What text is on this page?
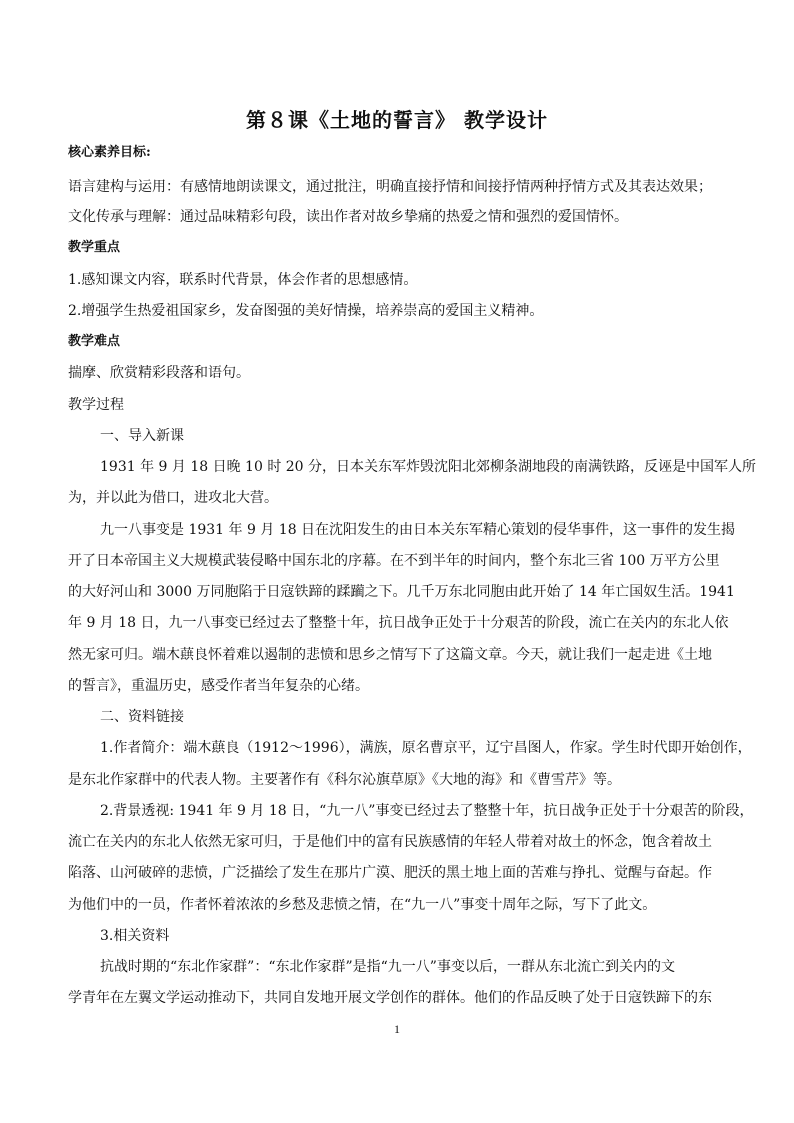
第８课《土地的誓言》 教学设计
核心素养目标:
语言建构与运用：有感情地朗读课文，通过批注，明确直接抒情和间接抒情两种抒情方式及其表达效果；
文化传承与理解：通过品味精彩句段，读出作者对故乡挚痛的热爱之情和强烈的爱国情怀。
教学重点
1.感知课文内容，联系时代背景，体会作者的思想感情。
2.增强学生热爱祖国家乡，发奋图强的美好情操，培养崇高的爱国主义精神。
教学难点
揣摩、欣赏精彩段落和语句。
教学过程
一、导入新课
1931 年 9 月 18 日晚 10 时 20 分，日本关东军炸毁沈阳北郊柳条湖地段的南满铁路，反诬是中国军人所
为，并以此为借口，进攻北大营。
九一八事变是 1931 年 9 月 18 日在沈阳发生的由日本关东军精心策划的侵华事件，这一事件的发生揭
开了日本帝国主义大规模武装侵略中国东北的序幕。在不到半年的时间内，整个东北三省 100 万平方公里
的大好河山和 3000 万同胞陷于日寇铁蹄的蹂躏之下。几千万东北同胞由此开始了 14 年亡国奴生活。1941
年 9 月 18 日，九一八事变已经过去了整整十年，抗日战争正处于十分艰苦的阶段，流亡在关内的东北人依
然无家可归。端木蕻良怀着难以遏制的悲愤和思乡之情写下了这篇文章。今天，就让我们一起走进《土地
的誓言》，重温历史，感受作者当年复杂的心绪。
二、资料链接
1.作者简介：端木蕻良（1912～1996），满族，原名曹京平，辽宁昌图人，作家。学生时代即开始创作，
是东北作家群中的代表人物。主要著作有《科尔沁旗草原》《大地的海》和《曹雪芹》等。
2.背景透视: 1941 年 9 月 18 日，“九一八”事变已经过去了整整十年，抗日战争正处于十分艰苦的阶段，
流亡在关内的东北人依然无家可归，于是他们中的富有民族感情的年轻人带着对故土的怀念，饱含着故土
陷落、山河破碎的悲愤，广泛描绘了发生在那片广漠、肥沃的黑土地上面的苦难与挣扎、觉醒与奋起。作
为他们中的一员，作者怀着浓浓的乡愁及悲愤之情，在“九一八”事变十周年之际，写下了此文。
3.相关资料
抗战时期的“东北作家群”：“东北作家群”是指“九一八”事变以后，一群从东北流亡到关内的文
学青年在左翼文学运动推动下，共同自发地开展文学创作的群体。他们的作品反映了处于日寇铁蹄下的东
1
